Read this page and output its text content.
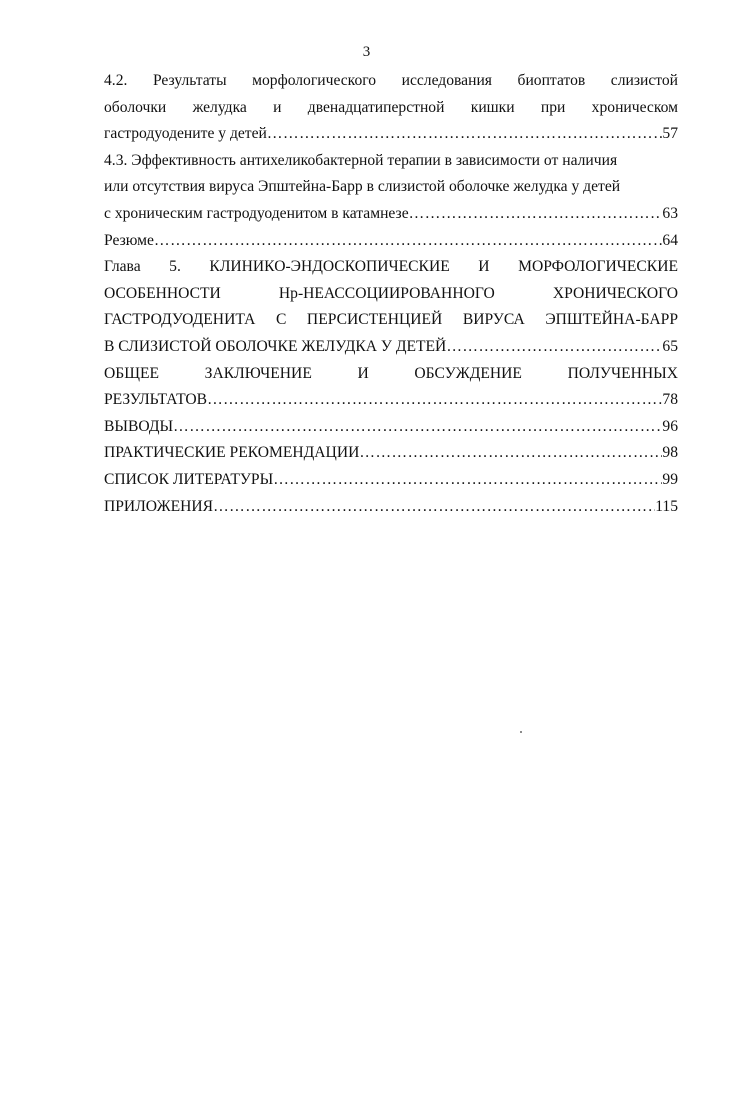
3
4.2. Результаты морфологического исследования биоптатов слизистой
оболочки желудка и двенадцатиперстной кишки при хроническом
гастродуодените у детей …………………………………………………………………………………………………………………………………………………………………………………………	57
4.3. Эффективность антихеликобактерной терапии в зависимости от наличия
или отсутствия вируса Эпштейна-Барр в слизистой оболочке желудка у детей
с хроническим гастродуоденитом в катамнезе …………………………………………………………………………………………………………………………………………………………………………………………	63
Резюме …………………………………………………………………………………………………………………………………………………………………………………………	64
Глава 5. КЛИНИКО-ЭНДОСКОПИЧЕСКИЕ И МОРФОЛОГИЧЕСКИЕ
ОСОБЕННОСТИ Hp-НЕАССОЦИИРОВАННОГО ХРОНИЧЕСКОГО
ГАСТРОДУОДЕНИТА С ПЕРСИСТЕНЦИЕЙ ВИРУСА ЭПШТЕЙНА-БАРР
В СЛИЗИСТОЙ ОБОЛОЧКЕ ЖЕЛУДКА У ДЕТЕЙ …………………………………………………………………………………………………………………………………………………………………………………………	65
ОБЩЕЕ ЗАКЛЮЧЕНИЕ И ОБСУЖДЕНИЕ ПОЛУЧЕННЫХ
РЕЗУЛЬТАТОВ …………………………………………………………………………………………………………………………………………………………………………………………	78
ВЫВОДЫ …………………………………………………………………………………………………………………………………………………………………………………………	96
ПРАКТИЧЕСКИЕ РЕКОМЕНДАЦИИ …………………………………………………………………………………………………………………………………………………………………………………………	98
СПИСОК ЛИТЕРАТУРЫ …………………………………………………………………………………………………………………………………………………………………………………………	99
ПРИЛОЖЕНИЯ …………………………………………………………………………………………………………………………………………………………………………………………	115
